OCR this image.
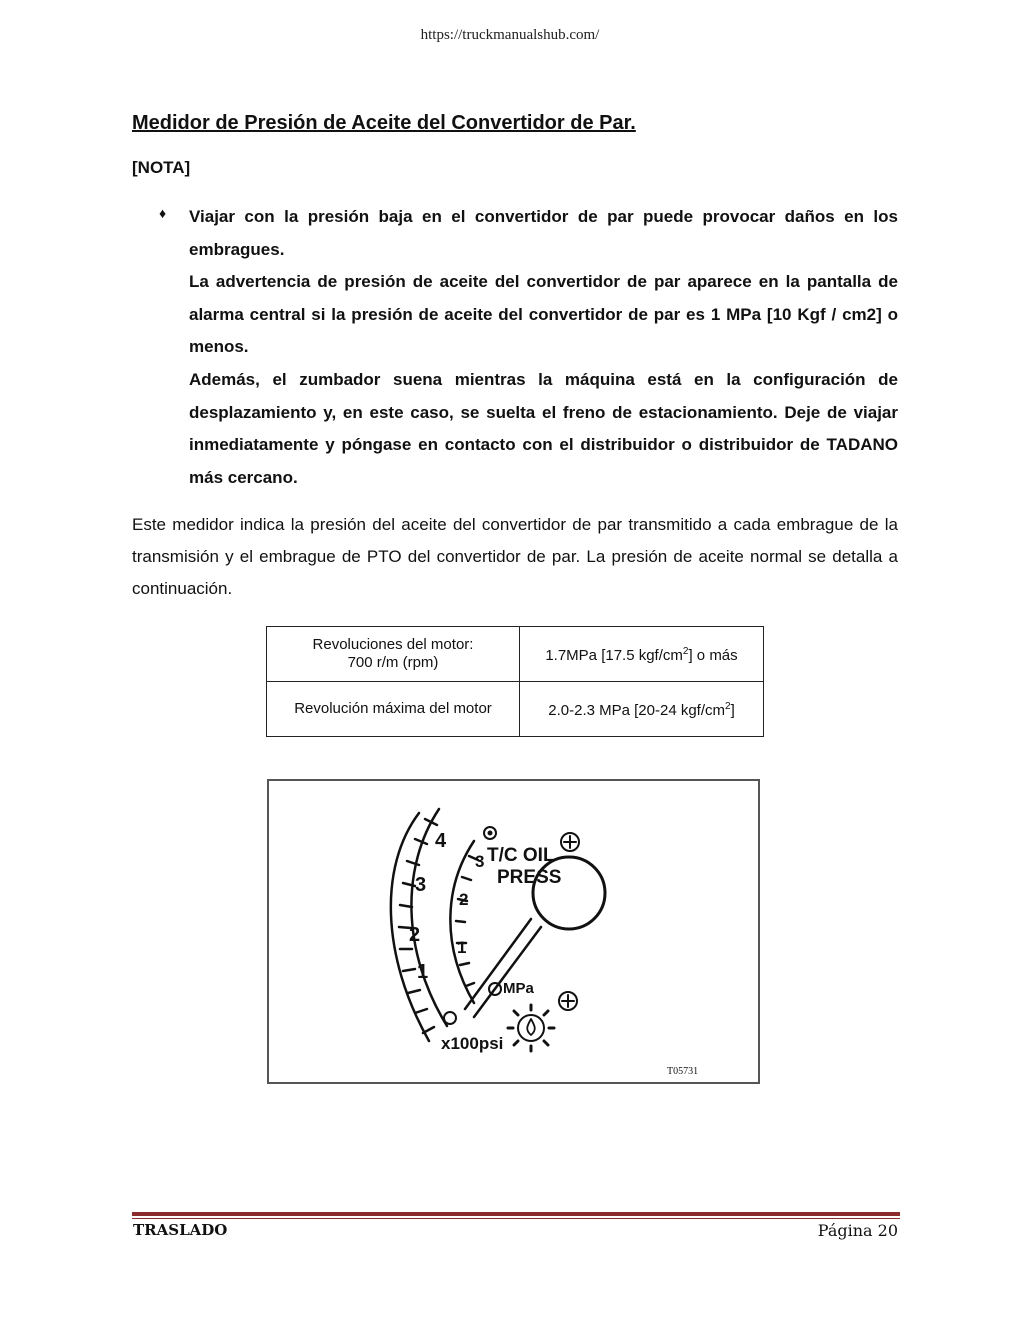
https://truckmanualshub.com/
Medidor de Presión de Aceite del Convertidor de Par.
[NOTA]
♦ Viajar con la presión baja en el convertidor de par puede provocar daños en los embragues.

La advertencia de presión de aceite del convertidor de par aparece en la pantalla de alarma central si la presión de aceite del convertidor de par es 1 MPa [10 Kgf / cm2] o menos.

Además, el zumbador suena mientras la máquina está en la configuración de desplazamiento y, en este caso, se suelta el freno de estacionamiento. Deje de viajar inmediatamente y póngase en contacto con el distribuidor o distribuidor de TADANO más cercano.

Este medidor indica la presión del aceite del convertidor de par transmitido a cada embrague de la transmisión y el embrague de PTO del convertidor de par. La presión de aceite normal se detalla a continuación.

Revoluciones del motor:
700 r/m (rpm)	1.7MPa [17.5 kgf/$cm^2$] o más
Revolución máxima del motor	2.0-2.3 MPa [20-24 kgf/$cm^2$]
1
2
3
4
1
2
3 T/C OIL
PRESS
MPa
x100psi
T05731
TRASLADO	Página 20
